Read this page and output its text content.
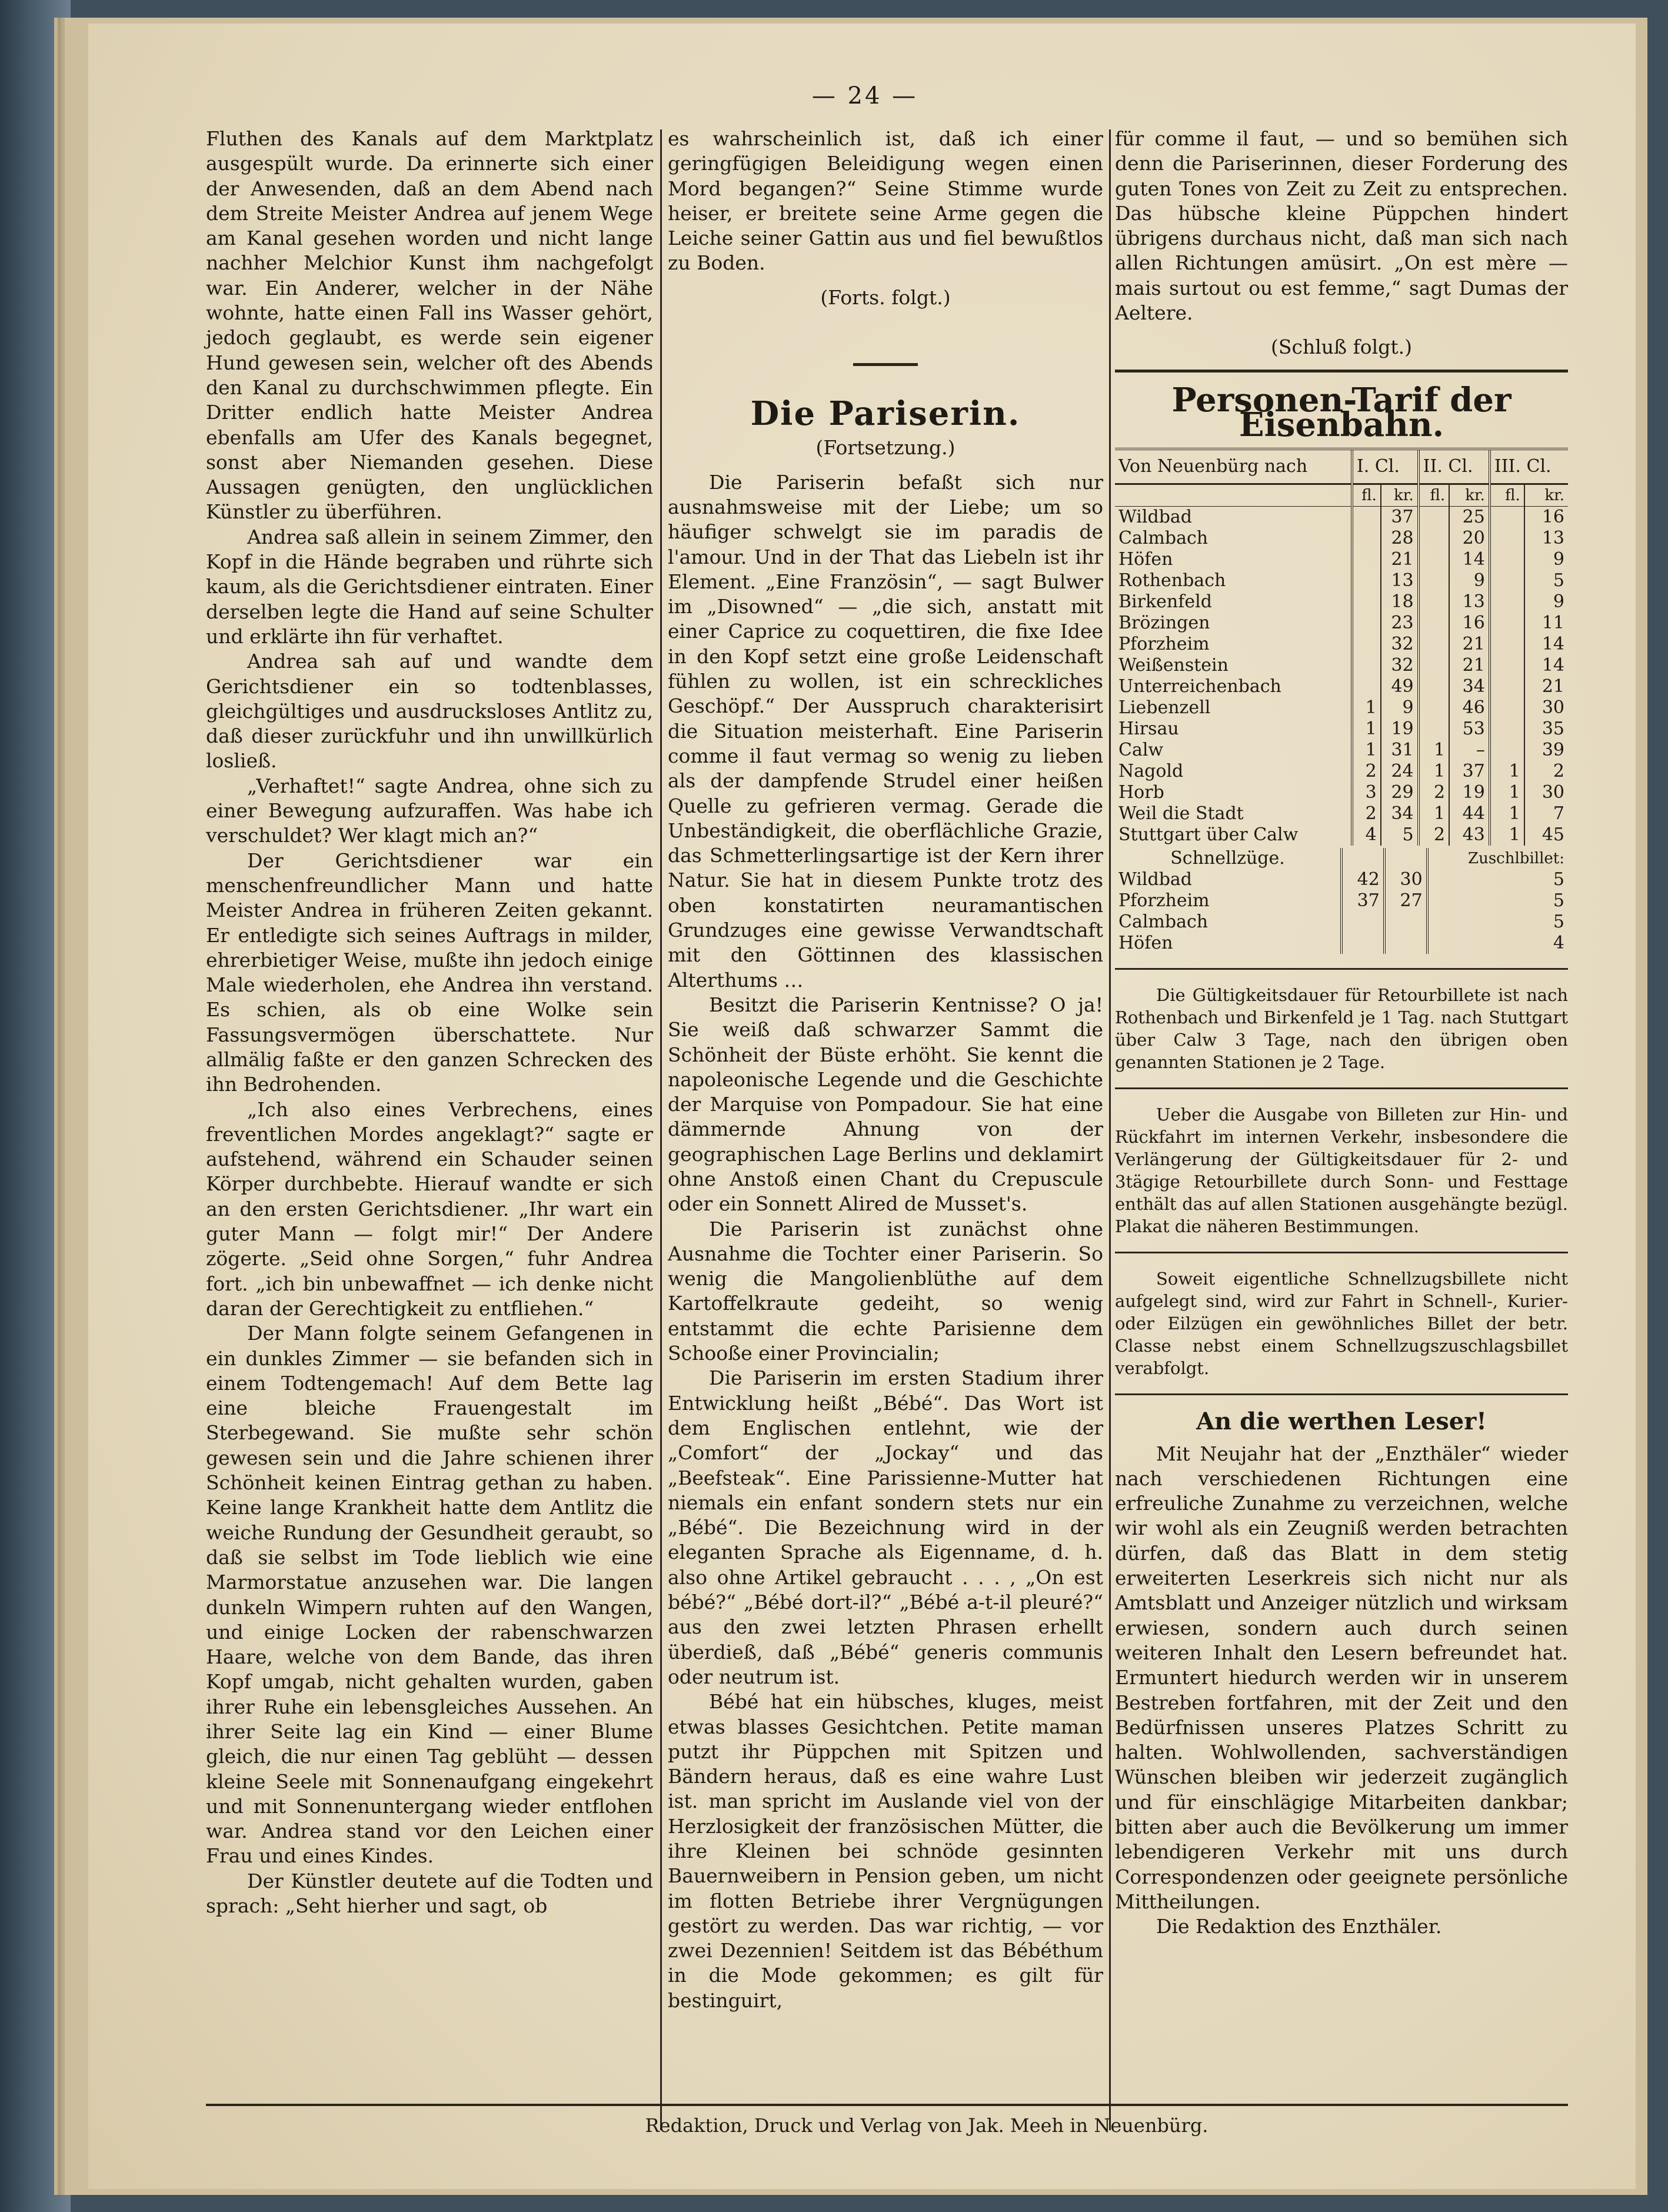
— 24 —

Fluthen des Kanals auf dem Marktplatz ausgespült wurde. Da erinnerte sich einer der Anwesenden, daß an dem Abend nach dem Streite Meister Andrea auf jenem Wege am Kanal gesehen worden und nicht lange nachher Melchior Kunst ihm nachgefolgt war. Ein Anderer, welcher in der Nähe wohnte, hatte einen Fall ins Wasser gehört, jedoch geglaubt, es werde sein eigener Hund gewesen sein, welcher oft des Abends den Kanal zu durchschwimmen pflegte. Ein Dritter endlich hatte Meister Andrea ebenfalls am Ufer des Kanals begegnet, sonst aber Niemanden gesehen. Diese Aussagen genügten, den unglücklichen Künstler zu überführen.

Andrea saß allein in seinem Zimmer, den Kopf in die Hände begraben und rührte sich kaum, als die Gerichtsdiener eintraten. Einer derselben legte die Hand auf seine Schulter und erklärte ihn für verhaftet.

Andrea sah auf und wandte dem Gerichtsdiener ein so todtenblasses, gleichgültiges und ausdrucksloses Antlitz zu, daß dieser zurückfuhr und ihn unwillkürlich losließ.

„Verhaftet!“ sagte Andrea, ohne sich zu einer Bewegung aufzuraffen. Was habe ich verschuldet? Wer klagt mich an?“

Der Gerichtsdiener war ein menschenfreundlicher Mann und hatte Meister Andrea in früheren Zeiten gekannt. Er entledigte sich seines Auftrags in milder, ehrerbietiger Weise, mußte ihn jedoch einige Male wiederholen, ehe Andrea ihn verstand. Es schien, als ob eine Wolke sein Fassungsvermögen überschattete. Nur allmälig faßte er den ganzen Schrecken des ihn Bedrohenden.

„Ich also eines Verbrechens, eines freventlichen Mordes angeklagt?“ sagte er aufstehend, während ein Schauder seinen Körper durchbebte. Hierauf wandte er sich an den ersten Gerichtsdiener. „Ihr wart ein guter Mann — folgt mir!“ Der Andere zögerte. „Seid ohne Sorgen,“ fuhr Andrea fort. „ich bin unbewaffnet — ich denke nicht daran der Gerechtigkeit zu entfliehen.“

Der Mann folgte seinem Gefangenen in ein dunkles Zimmer — sie befanden sich in einem Todtengemach! Auf dem Bette lag eine bleiche Frauengestalt im Sterbegewand. Sie mußte sehr schön gewesen sein und die Jahre schienen ihrer Schönheit keinen Eintrag gethan zu haben. Keine lange Krankheit hatte dem Antlitz die weiche Rundung der Gesundheit geraubt, so daß sie selbst im Tode lieblich wie eine Marmorstatue anzusehen war. Die langen dunkeln Wimpern ruhten auf den Wangen, und einige Locken der rabenschwarzen Haare, welche von dem Bande, das ihren Kopf umgab, nicht gehalten wurden, gaben ihrer Ruhe ein lebensgleiches Aussehen. An ihrer Seite lag ein Kind — einer Blume gleich, die nur einen Tag geblüht — dessen kleine Seele mit Sonnenaufgang eingekehrt und mit Sonnenuntergang wieder entflohen war. Andrea stand vor den Leichen einer Frau und eines Kindes.

Der Künstler deutete auf die Todten und sprach: „Seht hierher und sagt, ob

es wahrscheinlich ist, daß ich einer geringfügigen Beleidigung wegen einen Mord begangen?“ Seine Stimme wurde heiser, er breitete seine Arme gegen die Leiche seiner Gattin aus und fiel bewußtlos zu Boden.

(Forts. folgt.)

Die Pariserin.

(Fortsetzung.)

Die Pariserin befaßt sich nur ausnahmsweise mit der Liebe; um so häufiger schwelgt sie im paradis de l'amour. Und in der That das Liebeln ist ihr Element. „Eine Französin“, — sagt Bulwer im „Disowned“ — „die sich, anstatt mit einer Caprice zu coquettiren, die fixe Idee in den Kopf setzt eine große Leidenschaft fühlen zu wollen, ist ein schreckliches Geschöpf.“ Der Ausspruch charakterisirt die Situation meisterhaft. Eine Pariserin comme il faut vermag so wenig zu lieben als der dampfende Strudel einer heißen Quelle zu gefrieren vermag. Gerade die Unbeständigkeit, die oberflächliche Grazie, das Schmetterlingsartige ist der Kern ihrer Natur. Sie hat in diesem Punkte trotz des oben konstatirten neuramantischen Grundzuges eine gewisse Verwandtschaft mit den Göttinnen des klassischen Alterthums …

Besitzt die Pariserin Kentnisse? O ja! Sie weiß daß schwarzer Sammt die Schönheit der Büste erhöht. Sie kennt die napoleonische Legende und die Geschichte der Marquise von Pompadour. Sie hat eine dämmernde Ahnung von der geographischen Lage Berlins und deklamirt ohne Anstoß einen Chant du Crepuscule oder ein Sonnett Alired de Musset's.

Die Pariserin ist zunächst ohne Ausnahme die Tochter einer Pariserin. So wenig die Mangolienblüthe auf dem Kartoffelkraute gedeiht, so wenig entstammt die echte Parisienne dem Schooße einer Provincialin;

Die Pariserin im ersten Stadium ihrer Entwicklung heißt „Bébé“. Das Wort ist dem Englischen entlehnt, wie der „Comfort“ der „Jockay“ und das „Beefsteak“. Eine Parissienne-Mutter hat niemals ein enfant sondern stets nur ein „Bébé“. Die Bezeichnung wird in der eleganten Sprache als Eigenname, d. h. also ohne Artikel gebraucht . . . , „On est bébé?“ „Bébé dort-il?“ „Bébé a-t-il pleuré?“ aus den zwei letzten Phrasen erhellt überdieß, daß „Bébé“ generis communis oder neutrum ist.

Bébé hat ein hübsches, kluges, meist etwas blasses Gesichtchen. Petite maman putzt ihr Püppchen mit Spitzen und Bändern heraus, daß es eine wahre Lust ist. man spricht im Auslande viel von der Herzlosigkeit der französischen Mütter, die ihre Kleinen bei schnöde gesinnten Bauernweibern in Pension geben, um nicht im flotten Betriebe ihrer Vergnügungen gestört zu werden. Das war richtig, — vor zwei Dezennien! Seitdem ist das Bébéthum in die Mode gekommen; es gilt für bestinguirt,

für comme il faut, — und so bemühen sich denn die Pariserinnen, dieser Forderung des guten Tones von Zeit zu Zeit zu entsprechen. Das hübsche kleine Püppchen hindert übrigens durchaus nicht, daß man sich nach allen Richtungen amüsirt. „On est mère — mais surtout ou est femme,“ sagt Dumas der Aeltere.

(Schluß folgt.)

Personen-Tarif der Eisenbahn.
Von Neuenbürg nach	I. Cl.		II. Cl.		III. Cl.	
	fl.	kr.	fl.	kr.	fl.	kr.
Wildbad		37		25		16
Calmbach		28		20		13
Höfen		21		14		9
Rothenbach		13		9		5
Birkenfeld		18		13		9
Brözingen		23		16		11
Pforzheim		32		21		14
Weißenstein		32		21		14
Unterreichenbach		49		34		21
Liebenzell	1	9		46		30
Hirsau	1	19		53		35
Calw	1	31	1	–		39
Nagold	2	24	1	37	1	2
Horb	3	29	2	19	1	30
Weil die Stadt	2	34	1	44	1	7
Stuttgart über Calw	4	5	2	43	1	45
Schnellzüge.			Zuschlbillet:
Wildbad	42	30	5
Pforzheim	37	27	5
Calmbach			5
Höfen			4

Die Gültigkeitsdauer für Retourbillete ist nach Rothenbach und Birkenfeld je 1 Tag. nach Stuttgart über Calw 3 Tage, nach den übrigen oben genannten Stationen je 2 Tage.

Ueber die Ausgabe von Billeten zur Hin- und Rückfahrt im internen Verkehr, insbesondere die Verlängerung der Gültigkeitsdauer für 2- und 3tägige Retourbillete durch Sonn- und Festtage enthält das auf allen Stationen ausgehängte bezügl. Plakat die näheren Bestimmungen.

Soweit eigentliche Schnellzugsbillete nicht aufgelegt sind, wird zur Fahrt in Schnell-, Kurier- oder Eilzügen ein gewöhnliches Billet der betr. Classe nebst einem Schnellzugszuschlagsbillet verabfolgt.

An die werthen Leser!

Mit Neujahr hat der „Enzthäler“ wieder nach verschiedenen Richtungen eine erfreuliche Zunahme zu verzeichnen, welche wir wohl als ein Zeugniß werden betrachten dürfen, daß das Blatt in dem stetig erweiterten Leserkreis sich nicht nur als Amtsblatt und Anzeiger nützlich und wirksam erwiesen, sondern auch durch seinen weiteren Inhalt den Lesern befreundet hat. Ermuntert hiedurch werden wir in unserem Bestreben fortfahren, mit der Zeit und den Bedürfnissen unseres Platzes Schritt zu halten. Wohlwollenden, sachverständigen Wünschen bleiben wir jederzeit zugänglich und für einschlägige Mitarbeiten dankbar; bitten aber auch die Bevölkerung um immer lebendigeren Verkehr mit uns durch Correspondenzen oder geeignete persönliche Mittheilungen.

Die Redaktion des Enzthäler.

Redaktion, Druck und Verlag von Jak. Meeh in Neuenbürg.
